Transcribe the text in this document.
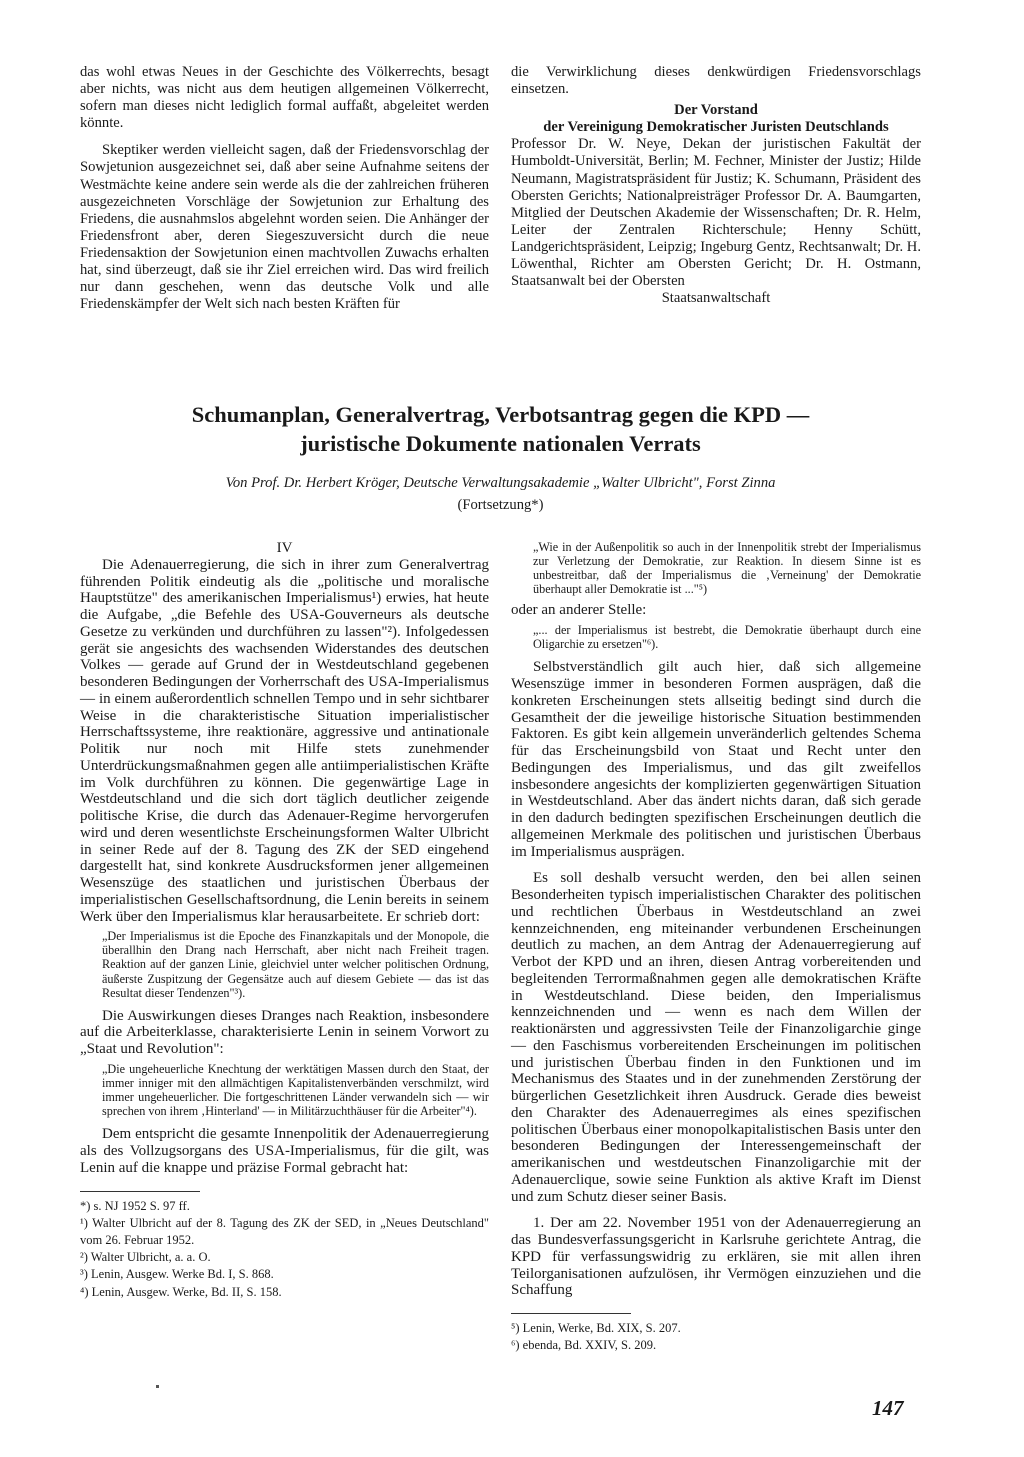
das wohl etwas Neues in der Geschichte des Völkerrechts, besagt aber nichts, was nicht aus dem heutigen allgemeinen Völkerrecht, sofern man dieses nicht lediglich formal auffaßt, abgeleitet werden könnte.

Skeptiker werden vielleicht sagen, daß der Friedensvorschlag der Sowjetunion ausgezeichnet sei, daß aber seine Aufnahme seitens der Westmächte keine andere sein werde als die der zahlreichen früheren ausgezeichneten Vorschläge der Sowjetunion zur Erhaltung des Friedens, die ausnahmslos abgelehnt worden seien. Die Anhänger der Friedensfront aber, deren Siegeszuversicht durch die neue Friedensaktion der Sowjetunion einen machtvollen Zuwachs erhalten hat, sind überzeugt, daß sie ihr Ziel erreichen wird. Das wird freilich nur dann geschehen, wenn das deutsche Volk und alle Friedenskämpfer der Welt sich nach besten Kräften für

die Verwirklichung dieses denkwürdigen Friedensvorschlags einsetzen.

Der Vorstand

der Vereinigung Demokratischer Juristen Deutschlands

Professor Dr. W. Neye, Dekan der juristischen Fakultät der Humboldt-Universität, Berlin; M. Fechner, Minister der Justiz; Hilde Neumann, Magistratspräsident für Justiz; K. Schumann, Präsident des Obersten Gerichts; Nationalpreisträger Professor Dr. A. Baumgarten, Mitglied der Deutschen Akademie der Wissenschaften; Dr. R. Helm, Leiter der Zentralen Richterschule; Henny Schütt, Landgerichtspräsident, Leipzig; Ingeburg Gentz, Rechtsanwalt; Dr. H. Löwenthal, Richter am Obersten Gericht; Dr. H. Ostmann, Staatsanwalt bei der Obersten

Staatsanwaltschaft

Schumanplan, Generalvertrag, Verbotsantrag gegen die KPD —
juristische Dokumente nationalen Verrats
Von Prof. Dr. Herbert Kröger, Deutsche Verwaltungsakademie „Walter Ulbricht", Forst Zinna
(Fortsetzung*)

IV

Die Adenauerregierung, die sich in ihrer zum Generalvertrag führenden Politik eindeutig als die „politische und moralische Hauptstütze" des amerikanischen Imperialismus¹) erwies, hat heute die Aufgabe, „die Befehle des USA-Gouverneurs als deutsche Gesetze zu verkünden und durchführen zu lassen"²). Infolgedessen gerät sie angesichts des wachsenden Widerstandes des deutschen Volkes — gerade auf Grund der in Westdeutschland gegebenen besonderen Bedingungen der Vorherrschaft des USA-Imperialismus — in einem außerordentlich schnellen Tempo und in sehr sichtbarer Weise in die charakteristische Situation imperialistischer Herrschaftssysteme, ihre reaktionäre, aggressive und antinationale Politik nur noch mit Hilfe stets zunehmender Unterdrückungsmaßnahmen gegen alle antiimperialistischen Kräfte im Volk durchführen zu können. Die gegenwärtige Lage in Westdeutschland und die sich dort täglich deutlicher zeigende politische Krise, die durch das Adenauer-Regime hervorgerufen wird und deren wesentlichste Erscheinungsformen Walter Ulbricht in seiner Rede auf der 8. Tagung des ZK der SED eingehend dargestellt hat, sind konkrete Ausdrucksformen jener allgemeinen Wesenszüge des staatlichen und juristischen Überbaus der imperialistischen Gesellschaftsordnung, die Lenin bereits in seinem Werk über den Imperialismus klar herausarbeitete. Er schrieb dort:

„Der Imperialismus ist die Epoche des Finanzkapitals und der Monopole, die überallhin den Drang nach Herrschaft, aber nicht nach Freiheit tragen. Reaktion auf der ganzen Linie, gleichviel unter welcher politischen Ordnung, äußerste Zuspitzung der Gegensätze auch auf diesem Gebiete — das ist das Resultat dieser Tendenzen"³).

Die Auswirkungen dieses Dranges nach Reaktion, insbesondere auf die Arbeiterklasse, charakterisierte Lenin in seinem Vorwort zu „Staat und Revolution":

„Die ungeheuerliche Knechtung der werktätigen Massen durch den Staat, der immer inniger mit den allmächtigen Kapitalistenverbänden verschmilzt, wird immer ungeheuerlicher. Die fortgeschrittenen Länder verwandeln sich — wir sprechen von ihrem ‚Hinterland' — in Militärzuchthäuser für die Arbeiter"⁴).

Dem entspricht die gesamte Innenpolitik der Adenauerregierung als des Vollzugsorgans des USA-Imperialismus, für die gilt, was Lenin auf die knappe und präzise Formal gebracht hat:

*) s. NJ 1952 S. 97 ff.
¹) Walter Ulbricht auf der 8. Tagung des ZK der SED, in „Neues Deutschland" vom 26. Februar 1952.
²) Walter Ulbricht, a. a. O.
³) Lenin, Ausgew. Werke Bd. I, S. 868.
⁴) Lenin, Ausgew. Werke, Bd. II, S. 158.

„Wie in der Außenpolitik so auch in der Innenpolitik strebt der Imperialismus zur Verletzung der Demokratie, zur Reaktion. In diesem Sinne ist es unbestreitbar, daß der Imperialismus die ‚Verneinung' der Demokratie überhaupt aller Demokratie ist ..."⁵)

oder an anderer Stelle:

„... der Imperialismus ist bestrebt, die Demokratie überhaupt durch eine Oligarchie zu ersetzen"⁶).

Selbstverständlich gilt auch hier, daß sich allgemeine Wesenszüge immer in besonderen Formen ausprägen, daß die konkreten Erscheinungen stets allseitig bedingt sind durch die Gesamtheit der die jeweilige historische Situation bestimmenden Faktoren. Es gibt kein allgemein unveränderlich geltendes Schema für das Erscheinungsbild von Staat und Recht unter den Bedingungen des Imperialismus, und das gilt zweifellos insbesondere angesichts der komplizierten gegenwärtigen Situation in Westdeutschland. Aber das ändert nichts daran, daß sich gerade in den dadurch bedingten spezifischen Erscheinungen deutlich die allgemeinen Merkmale des politischen und juristischen Überbaus im Imperialismus ausprägen.

Es soll deshalb versucht werden, den bei allen seinen Besonderheiten typisch imperialistischen Charakter des politischen und rechtlichen Überbaus in Westdeutschland an zwei kennzeichnenden, eng miteinander verbundenen Erscheinungen deutlich zu machen, an dem Antrag der Adenauerregierung auf Verbot der KPD und an ihren, diesen Antrag vorbereitenden und begleitenden Terrormaßnahmen gegen alle demokratischen Kräfte in Westdeutschland. Diese beiden, den Imperialismus kennzeichnenden und — wenn es nach dem Willen der reaktionärsten und aggressivsten Teile der Finanzoligarchie ginge — den Faschismus vorbereitenden Erscheinungen im politischen und juristischen Überbau finden in den Funktionen und im Mechanismus des Staates und in der zunehmenden Zerstörung der bürgerlichen Gesetzlichkeit ihren Ausdruck. Gerade dies beweist den Charakter des Adenauerregimes als eines spezifischen politischen Überbaus einer monopolkapitalistischen Basis unter den besonderen Bedingungen der Interessengemeinschaft der amerikanischen und westdeutschen Finanzoligarchie mit der Adenauerclique, sowie seine Funktion als aktive Kraft im Dienst und zum Schutz dieser seiner Basis.

1. Der am 22. November 1951 von der Adenauerregierung an das Bundesverfassungsgericht in Karlsruhe gerichtete Antrag, die KPD für verfassungswidrig zu erklären, sie mit allen ihren Teilorganisationen aufzulösen, ihr Vermögen einzuziehen und die Schaffung

⁵) Lenin, Werke, Bd. XIX, S. 207.
⁶) ebenda, Bd. XXIV, S. 209.
147
